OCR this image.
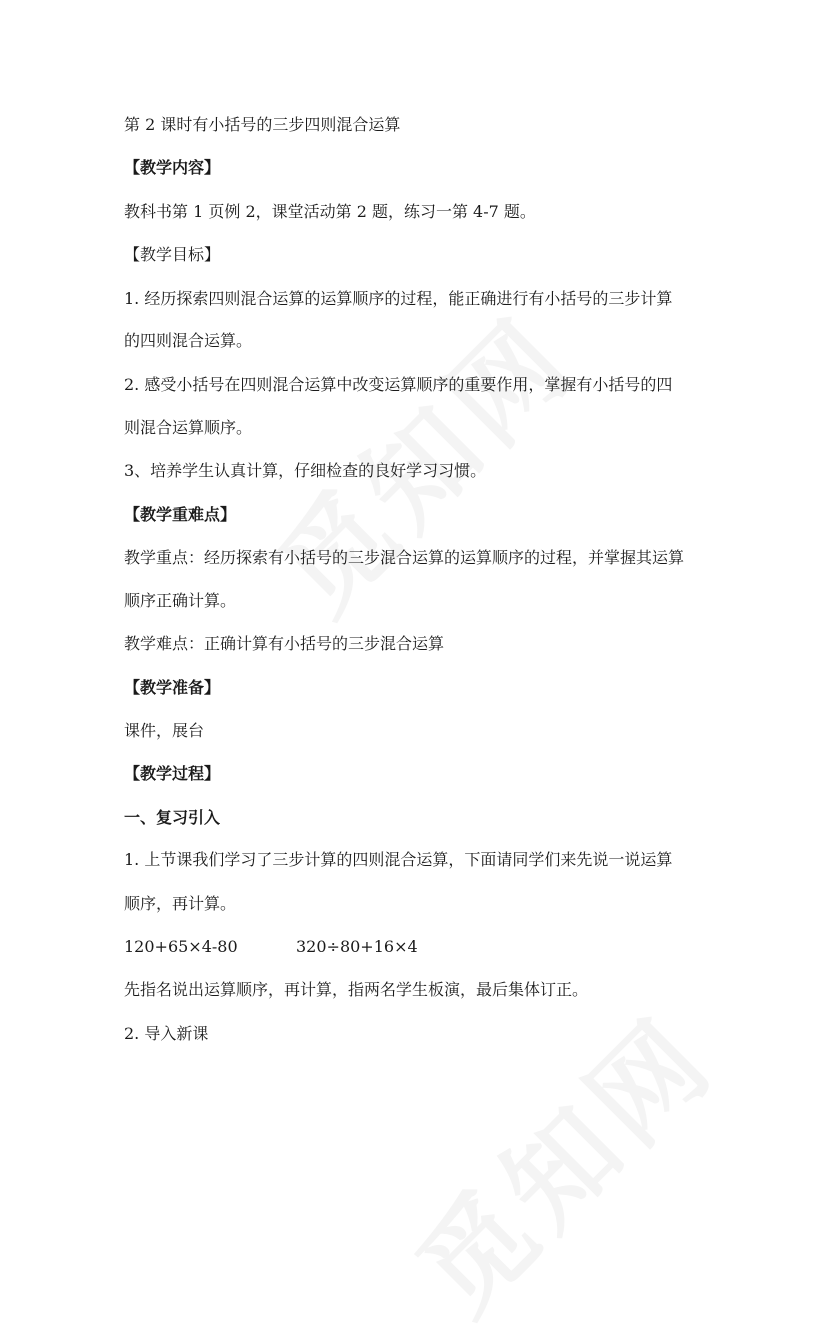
第 2 课时有小括号的三步四则混合运算
【教学内容】
教科书第 1 页例 2，课堂活动第 2 题，练习一第 4-7 题。
【教学目标】
1. 经历探索四则混合运算的运算顺序的过程，能正确进行有小括号的三步计算
的四则混合运算。
2. 感受小括号在四则混合运算中改变运算顺序的重要作用，掌握有小括号的四
则混合运算顺序。
3、培养学生认真计算，仔细检查的良好学习习惯。
【教学重难点】
教学重点：经历探索有小括号的三步混合运算的运算顺序的过程，并掌握其运算
顺序正确计算。
教学难点：正确计算有小括号的三步混合运算
【教学准备】
课件，展台
【教学过程】
一、复习引入
1. 上节课我们学习了三步计算的四则混合运算，下面请同学们来先说一说运算
顺序，再计算。
120+65×4-80	320÷80+16×4
先指名说出运算顺序，再计算，指两名学生板演，最后集体订正。
2. 导入新课
